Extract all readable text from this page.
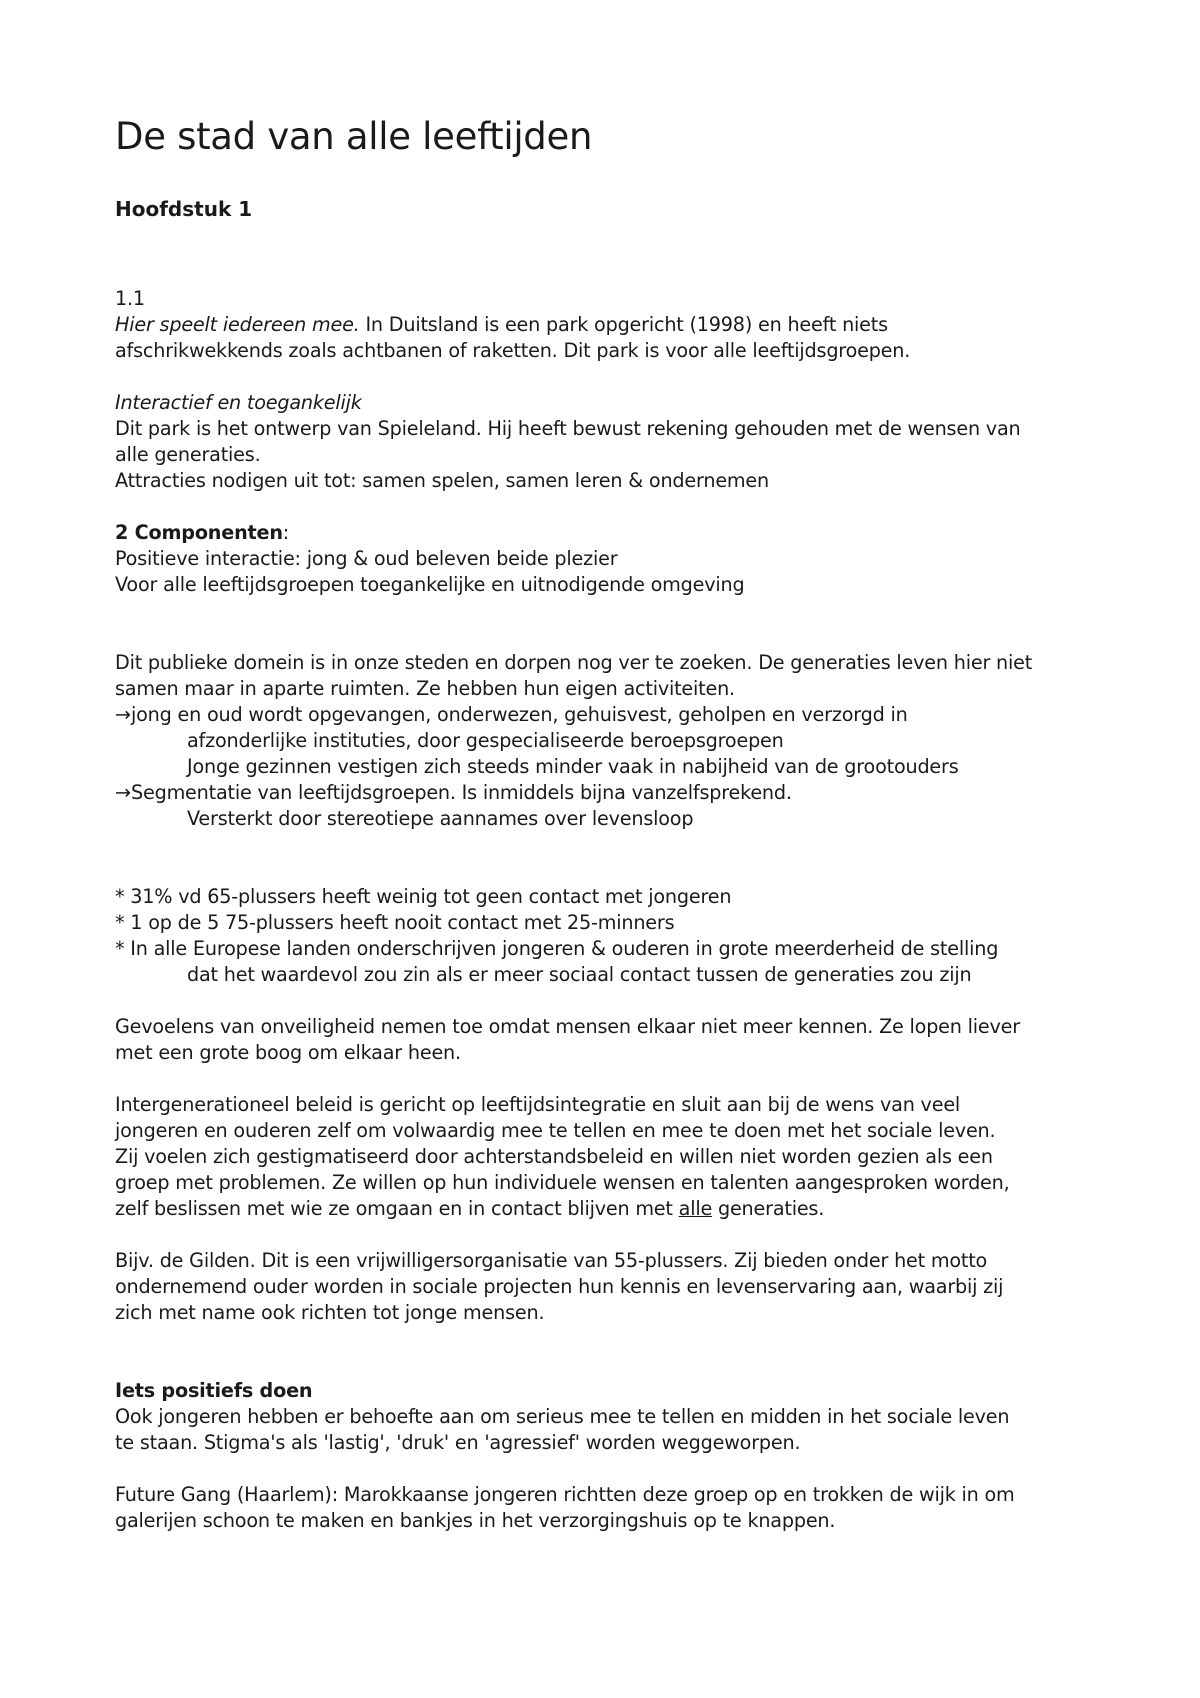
De stad van alle leeftijden
Hoofdstuk 1
1.1
Hier speelt iedereen mee. In Duitsland is een park opgericht (1998) en heeft niets
afschrikwekkends zoals achtbanen of raketten. Dit park is voor alle leeftijdsgroepen.
Interactief en toegankelijk
Dit park is het ontwerp van Spieleland. Hij heeft bewust rekening gehouden met de wensen van
alle generaties.
Attracties nodigen uit tot: samen spelen, samen leren & ondernemen
2 Componenten:
Positieve interactie: jong & oud beleven beide plezier
Voor alle leeftijdsgroepen toegankelijke en uitnodigende omgeving
Dit publieke domein is in onze steden en dorpen nog ver te zoeken. De generaties leven hier niet
samen maar in aparte ruimten. Ze hebben hun eigen activiteiten.
→ jong en oud wordt opgevangen, onderwezen, gehuisvest, geholpen en verzorgd in
afzonderlijke instituties, door gespecialiseerde beroepsgroepen
Jonge gezinnen vestigen zich steeds minder vaak in nabijheid van de grootouders
→ Segmentatie van leeftijdsgroepen. Is inmiddels bijna vanzelfsprekend.
Versterkt door stereotiepe aannames over levensloop
* 31% vd 65-plussers heeft weinig tot geen contact met jongeren
* 1 op de 5 75-plussers heeft nooit contact met 25-minners
* In alle Europese landen onderschrijven jongeren & ouderen in grote meerderheid de stelling
dat het waardevol zou zin als er meer sociaal contact tussen de generaties zou zijn
Gevoelens van onveiligheid nemen toe omdat mensen elkaar niet meer kennen. Ze lopen liever
met een grote boog om elkaar heen.
Intergenerationeel beleid is gericht op leeftijdsintegratie en sluit aan bij de wens van veel
jongeren en ouderen zelf om volwaardig mee te tellen en mee te doen met het sociale leven.
Zij voelen zich gestigmatiseerd door achterstandsbeleid en willen niet worden gezien als een
groep met problemen. Ze willen op hun individuele wensen en talenten aangesproken worden,
zelf beslissen met wie ze omgaan en in contact blijven met alle generaties.
Bijv. de Gilden. Dit is een vrijwilligersorganisatie van 55-plussers. Zij bieden onder het motto
ondernemend ouder worden in sociale projecten hun kennis en levenservaring aan, waarbij zij
zich met name ook richten tot jonge mensen.
Iets positiefs doen
Ook jongeren hebben er behoefte aan om serieus mee te tellen en midden in het sociale leven
te staan. Stigma's als 'lastig', 'druk' en 'agressief' worden weggeworpen.
Future Gang (Haarlem): Marokkaanse jongeren richtten deze groep op en trokken de wijk in om
galerijen schoon te maken en bankjes in het verzorgingshuis op te knappen.
